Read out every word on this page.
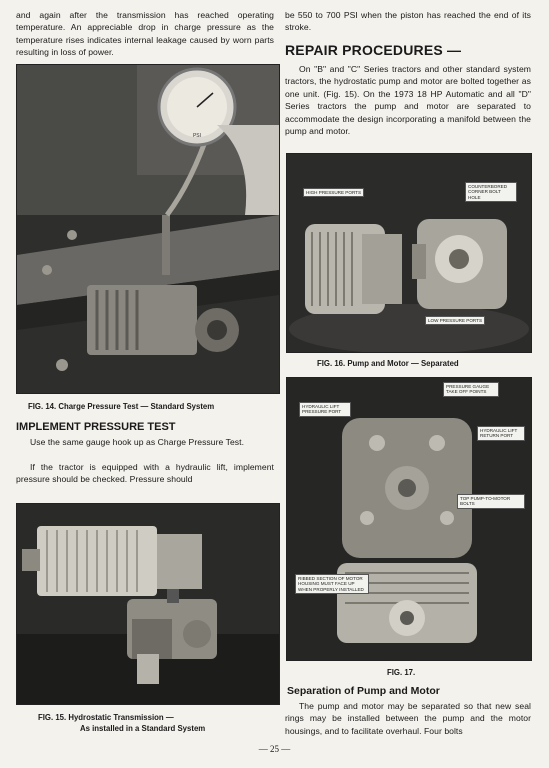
and again after the transmission has reached operating temperature. An appreciable drop in charge pressure as the temperature rises indicates internal leakage caused by worn parts resulting in loss of power.

PSI
FIG. 14. Charge Pressure Test — Standard System
IMPLEMENT PRESSURE TEST

Use the same gauge hook up as Charge Pressure Test.

If the tractor is equipped with a hydraulic lift, implement pressure should be checked. Pressure should

FIG. 15. Hydrostatic Transmission —
As installed in a Standard System

be 550 to 700 PSI when the piston has reached the end of its stroke.

REPAIR PROCEDURES —

On "B" and "C" Series tractors and other standard system tractors, the hydrostatic pump and motor are bolted together as one unit. (Fig. 15). On the 1973 18 HP Automatic and all "D" Series tractors the pump and motor are separated to accommodate the design incorporating a manifold between the pump and motor.

HIGH PRESSURE PORTS
COUNTERBORED CORNER BOLT HOLE
LOW PRESSURE PORTS
FIG. 16. Pump and Motor — Separated
PRESSURE GAUGE TAKE OFF POINTS
HYDRAULIC LIFT PRESSURE PORT
HYDRAULIC LIFT RETURN PORT
TOP PUMP-TO-MOTOR BOLTS
RIBBED SECTION OF MOTOR HOUSING MUST FACE UP WHEN PROPERLY INSTALLED
FIG. 17.
Separation of Pump and Motor

The pump and motor may be separated so that new seal rings may be installed between the pump and the motor housings, and to facilitate overhaul. Four bolts

— 25 —
